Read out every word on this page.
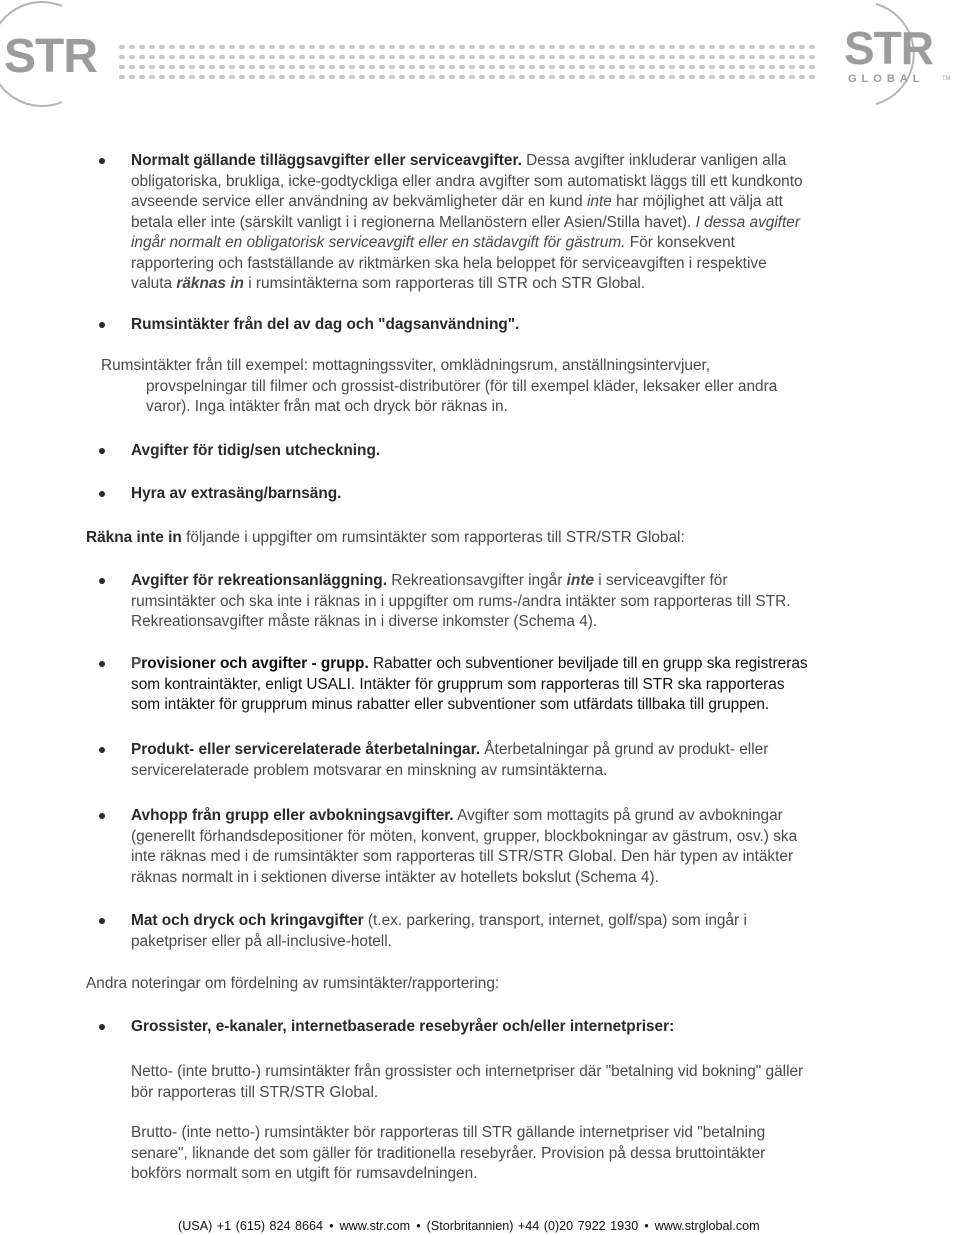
STR	STR
GLOBAL	TM

Normalt gällande tilläggsavgifter eller serviceavgifter. Dessa avgifter inkluderar vanligen alla
obligatoriska, brukliga, icke-godtyckliga eller andra avgifter som automatiskt läggs till ett kundkonto
avseende service eller användning av bekvämligheter där en kund inte har möjlighet att välja att
betala eller inte (särskilt vanligt i i regionerna Mellanöstern eller Asien/Stilla havet). I dessa avgifter
ingår normalt en obligatorisk serviceavgift eller en städavgift för gästrum. För konsekvent
rapportering och fastställande av riktmärken ska hela beloppet för serviceavgiften i respektive
valuta räknas in i rumsintäkterna som rapporteras till STR och STR Global.

Rumsintäkter från del av dag och "dagsanvändning".

Rumsintäkter från till exempel: mottagningssviter, omklädningsrum, anställningsintervjuer,
provspelningar till filmer och grossist-distributörer (för till exempel kläder, leksaker eller andra
varor). Inga intäkter från mat och dryck bör räknas in.

Avgifter för tidig/sen utcheckning.

Hyra av extrasäng/barnsäng.

Räkna inte in följande i uppgifter om rumsintäkter som rapporteras till STR/STR Global:

Avgifter för rekreationsanläggning. Rekreationsavgifter ingår inte i serviceavgifter för
rumsintäkter och ska inte i räknas in i uppgifter om rums-/andra intäkter som rapporteras till STR.
Rekreationsavgifter måste räknas in i diverse inkomster (Schema 4).

Provisioner och avgifter - grupp. Rabatter och subventioner beviljade till en grupp ska registreras
som kontraintäkter, enligt USALI. Intäkter för grupprum som rapporteras till STR ska rapporteras
som intäkter för grupprum minus rabatter eller subventioner som utfärdats tillbaka till gruppen.

Produkt- eller servicerelaterade återbetalningar. Återbetalningar på grund av produkt- eller
servicerelaterade problem motsvarar en minskning av rumsintäkterna.

Avhopp från grupp eller avbokningsavgifter. Avgifter som mottagits på grund av avbokningar
(generellt förhandsdepositioner för möten, konvent, grupper, blockbokningar av gästrum, osv.) ska
inte räknas med i de rumsintäkter som rapporteras till STR/STR Global. Den här typen av intäkter
räknas normalt in i sektionen diverse intäkter av hotellets bokslut (Schema 4).

Mat och dryck och kringavgifter (t.ex. parkering, transport, internet, golf/spa) som ingår i
paketpriser eller på all-inclusive-hotell.

Andra noteringar om fördelning av rumsintäkter/rapportering:

Grossister, e-kanaler, internetbaserade resebyråer och/eller internetpriser:

Netto- (inte brutto-) rumsintäkter från grossister och internetpriser där "betalning vid bokning" gäller
bör rapporteras till STR/STR Global.

Brutto- (inte netto-) rumsintäkter bör rapporteras till STR gällande internetpriser vid "betalning
senare", liknande det som gäller för traditionella resebyråer. Provision på dessa bruttointäkter
bokförs normalt som en utgift för rumsavdelningen.

(USA) +1 (615) 824 8664 • www.str.com • (Storbritannien) +44 (0)20 7922 1930 • www.strglobal.com
